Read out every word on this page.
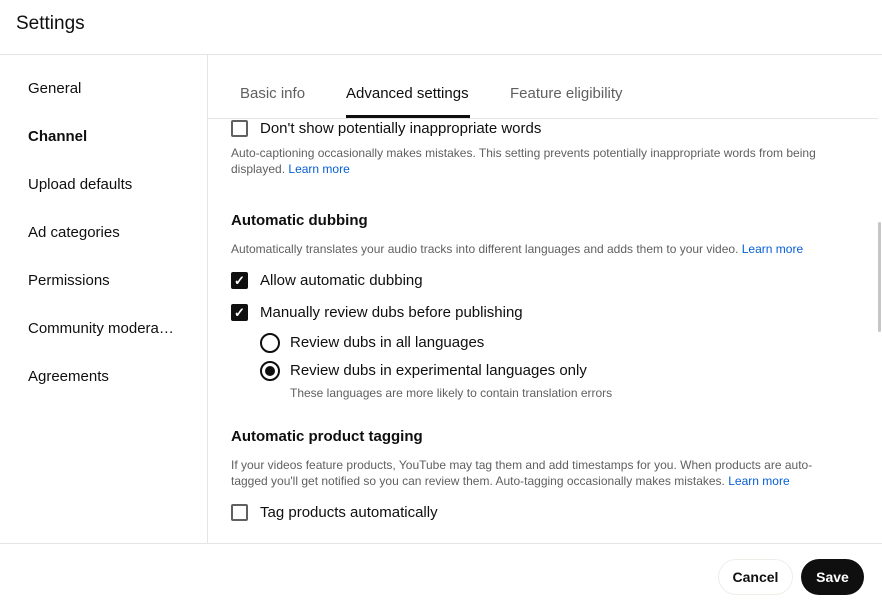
Settings
General
Channel
Upload defaults
Ad categories
Permissions
Community modera…
Agreements
Basic info	Advanced settings	Feature eligibility
Don't show potentially inappropriate words
Auto-captioning occasionally makes mistakes. This setting prevents potentially inappropriate words from being displayed. Learn more
Automatic dubbing
Automatically translates your audio tracks into different languages and adds them to your video. Learn more
✓ Allow automatic dubbing
✓ Manually review dubs before publishing
Review dubs in all languages
Review dubs in experimental languages only
These languages are more likely to contain translation errors
Automatic product tagging
If your videos feature products, YouTube may tag them and add timestamps for you. When products are auto-tagged you'll get notified so you can review them. Auto-tagging occasionally makes mistakes. Learn more
Tag products automatically
Cancel	Save
